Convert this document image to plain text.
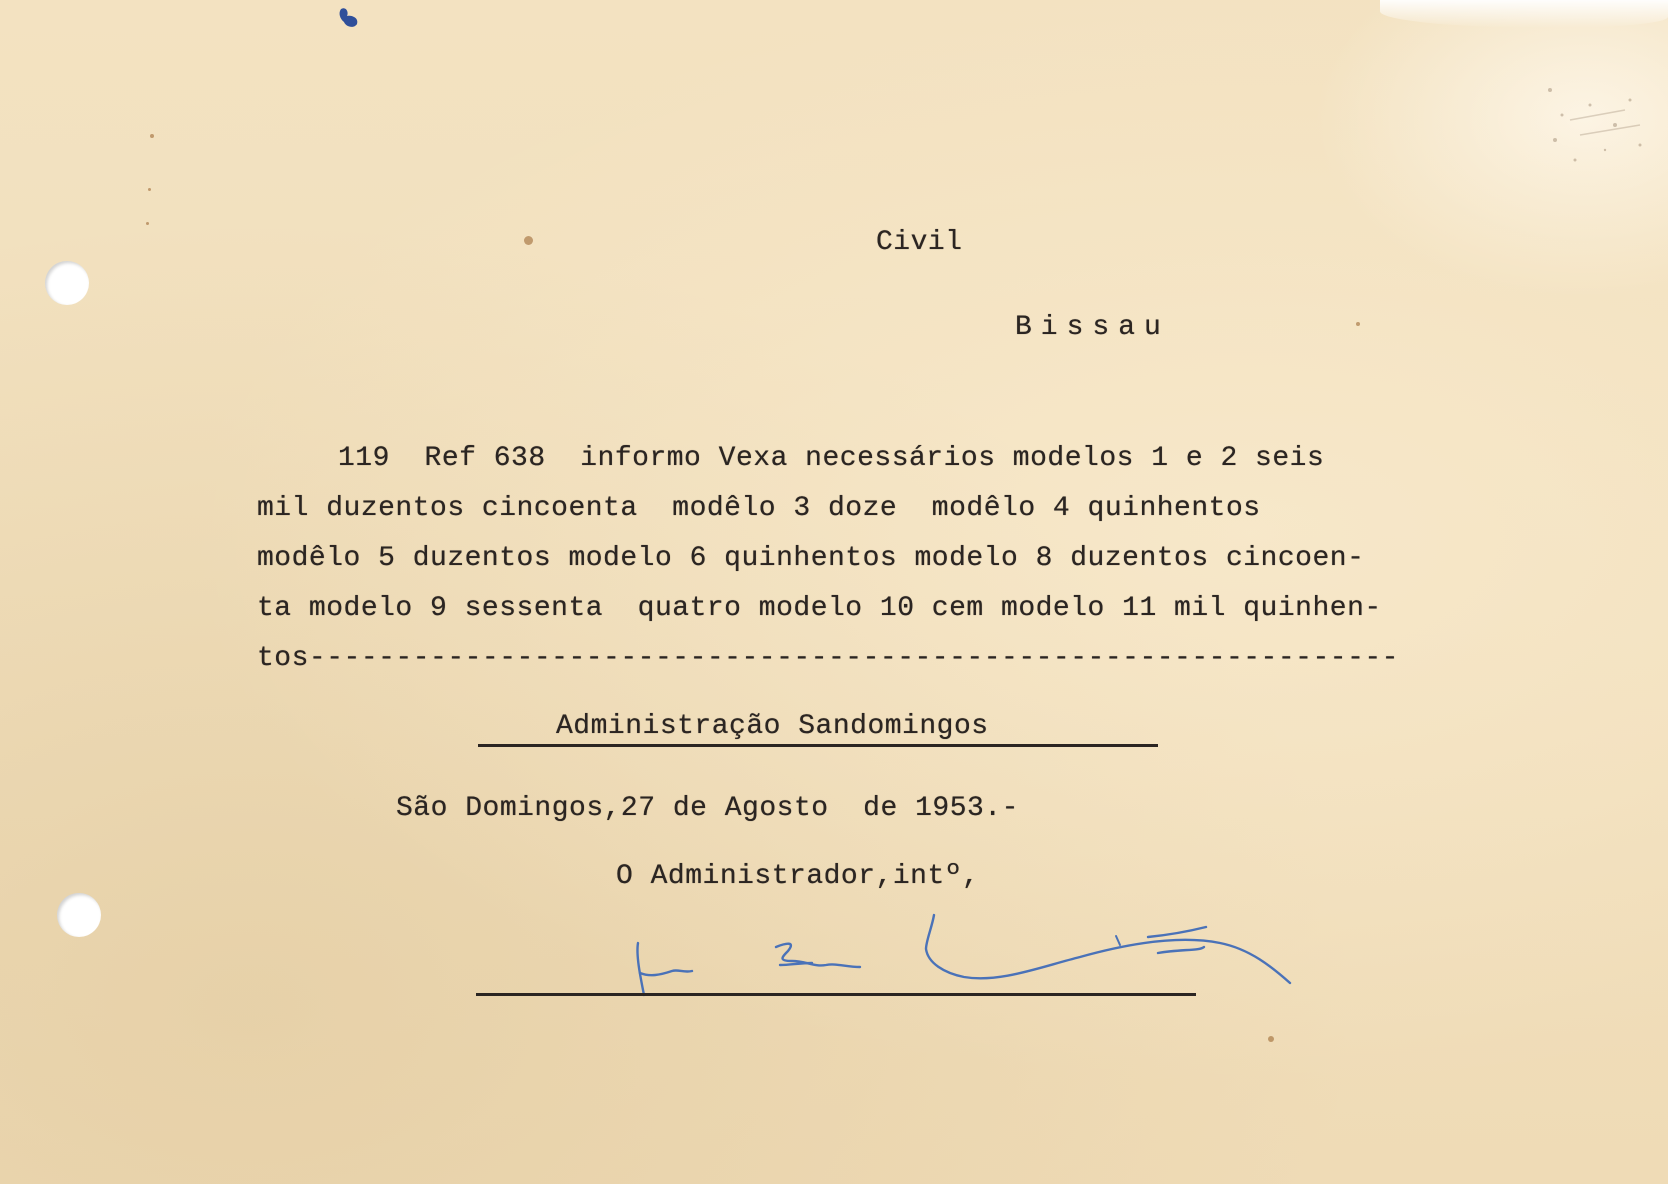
Civil

Bissau

119  Ref 638  informo Vexa necessários modelos 1 e 2 seis

mil duzentos cincoenta  modêlo 3 doze  modêlo 4 quinhentos

modêlo 5 duzentos modelo 6 quinhentos modelo 8 duzentos cincoen-

ta modelo 9 sessenta  quatro modelo 10 cem modelo 11 mil quinhen-

tos---------------------------------------------------------------

Administração Sandomingos

São Domingos,27 de Agosto  de 1953.-

O Administrador,intº,
